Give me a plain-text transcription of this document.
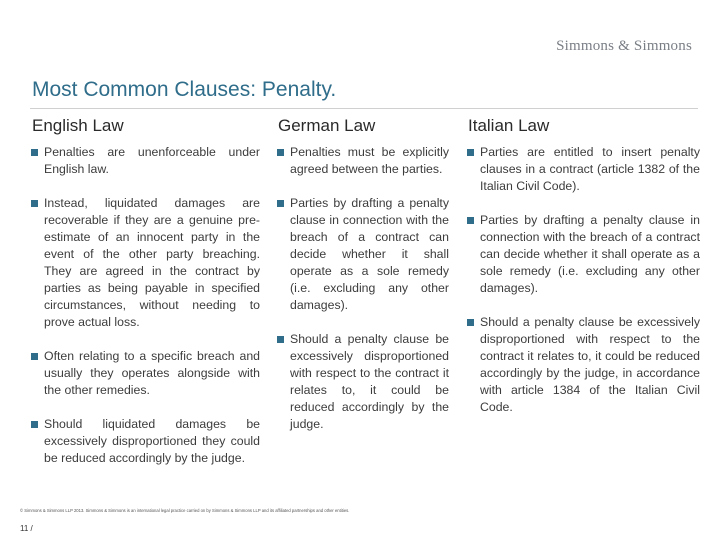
Simmons & Simmons
Most Common Clauses: Penalty.
English Law
Penalties are unenforceable under English law.
Instead, liquidated damages are recoverable if they are a genuine pre-estimate of an innocent party in the event of the other party breaching. They are agreed in the contract by parties as being payable in specified circumstances, without needing to prove actual loss.
Often relating to a specific breach and usually they operates alongside with the other remedies.
Should liquidated damages be excessively disproportioned they could be reduced accordingly by the judge.
German Law
Penalties must be explicitly agreed between the parties.
Parties by drafting a penalty clause in connection with the breach of a contract can decide whether it shall operate as a sole remedy (i.e. excluding any other damages).
Should a penalty clause be excessively disproportioned with respect to the contract it relates to, it could be reduced accordingly by the judge.
Italian Law
Parties are entitled to insert penalty clauses in a contract (article 1382 of the Italian Civil Code).
Parties by drafting a penalty clause in connection with the breach of a contract can decide whether it shall operate as a sole remedy (i.e. excluding any other damages).
Should a penalty clause be excessively disproportioned with respect to the contract it relates to, it could be reduced accordingly by the judge, in accordance with article 1384 of the Italian Civil Code.
© Simmons & Simmons LLP 2013. Simmons & Simmons is an international legal practice carried on by Simmons & Simmons LLP and its affiliated partnerships and other entities.
11 /
